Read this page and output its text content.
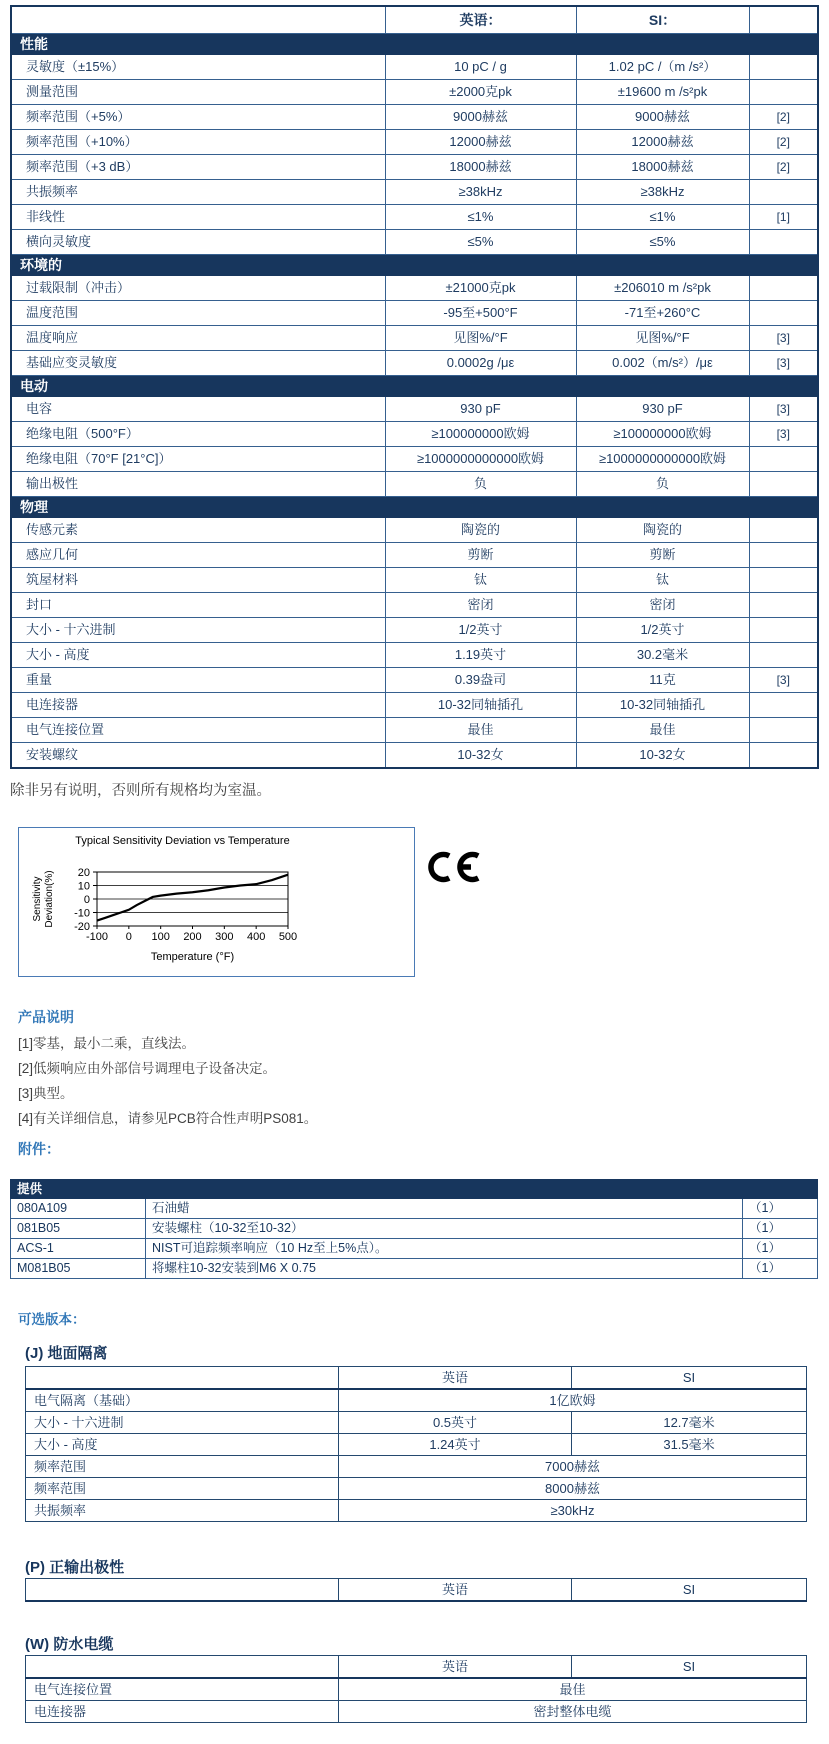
	英语：	SI：	
性能			
灵敏度（±15%）	10 pC / g	1.02 pC /（m /s²）	
测量范围	±2000克pk	±19600 m /s²pk	
频率范围（+5%）	9000赫兹	9000赫兹	[2]
频率范围（+10%）	12000赫兹	12000赫兹	[2]
频率范围（+3 dB）	18000赫兹	18000赫兹	[2]
共振频率	≥38kHz	≥38kHz	
非线性	≤1%	≤1%	[1]
横向灵敏度	≤5%	≤5%	
环境的			
过载限制（冲击）	±21000克pk	±206010 m /s²pk	
温度范围	-95至+500°F	-71至+260°C	
温度响应	见图%/°F	见图%/°F	[3]
基础应变灵敏度	0.0002g /με	0.002（m/s²）/με	[3]
电动			
电容	930 pF	930 pF	[3]
绝缘电阻（500°F）	≥100000000欧姆	≥100000000欧姆	[3]
绝缘电阻（70°F [21°C]）	≥1000000000000欧姆	≥1000000000000欧姆	
输出极性	负	负	
物理			
传感元素	陶瓷的	陶瓷的	
感应几何	剪断	剪断	
筑屋材料	钛	钛	
封口	密闭	密闭	
大小 - 十六进制	1/2英寸	1/2英寸	
大小 - 高度	1.19英寸	30.2毫米	
重量	0.39盎司	11克	[3]
电连接器	10-32同轴插孔	10-32同轴插孔	
电气连接位置	最佳	最佳	
安装螺纹	10-32女	10-32女	
除非另有说明，否则所有规格均为室温。
Typical Sensitivity Deviation vs Temperature
Sensitivity Deviation(%) 20
10
0
-10
-20
-100 0 100 200 300 400 500
Temperature (°F)
产品说明
[1]零基，最小二乘，直线法。
[2]低频响应由外部信号调理电子设备决定。
[3]典型。
[4]有关详细信息，请参见PCB符合性声明PS081。
附件：
提供		
080A109	石油蜡	（1）
081B05	安装螺柱（10-32至10-32）	（1）
ACS-1	NIST可追踪频率响应（10 Hz至上5%点）。	（1）
M081B05	将螺柱10-32安装到M6 X 0.75	（1）
可选版本：
(J) 地面隔离
	英语	SI
电气隔离（基础）	1亿欧姆	
大小 - 十六进制	0.5英寸	12.7毫米
大小 - 高度	1.24英寸	31.5毫米
频率范围	7000赫兹	
频率范围	8000赫兹	
共振频率	≥30kHz	
(P) 正输出极性
	英语	SI
(W) 防水电缆
	英语	SI
电气连接位置	最佳	
电连接器	密封整体电缆	
